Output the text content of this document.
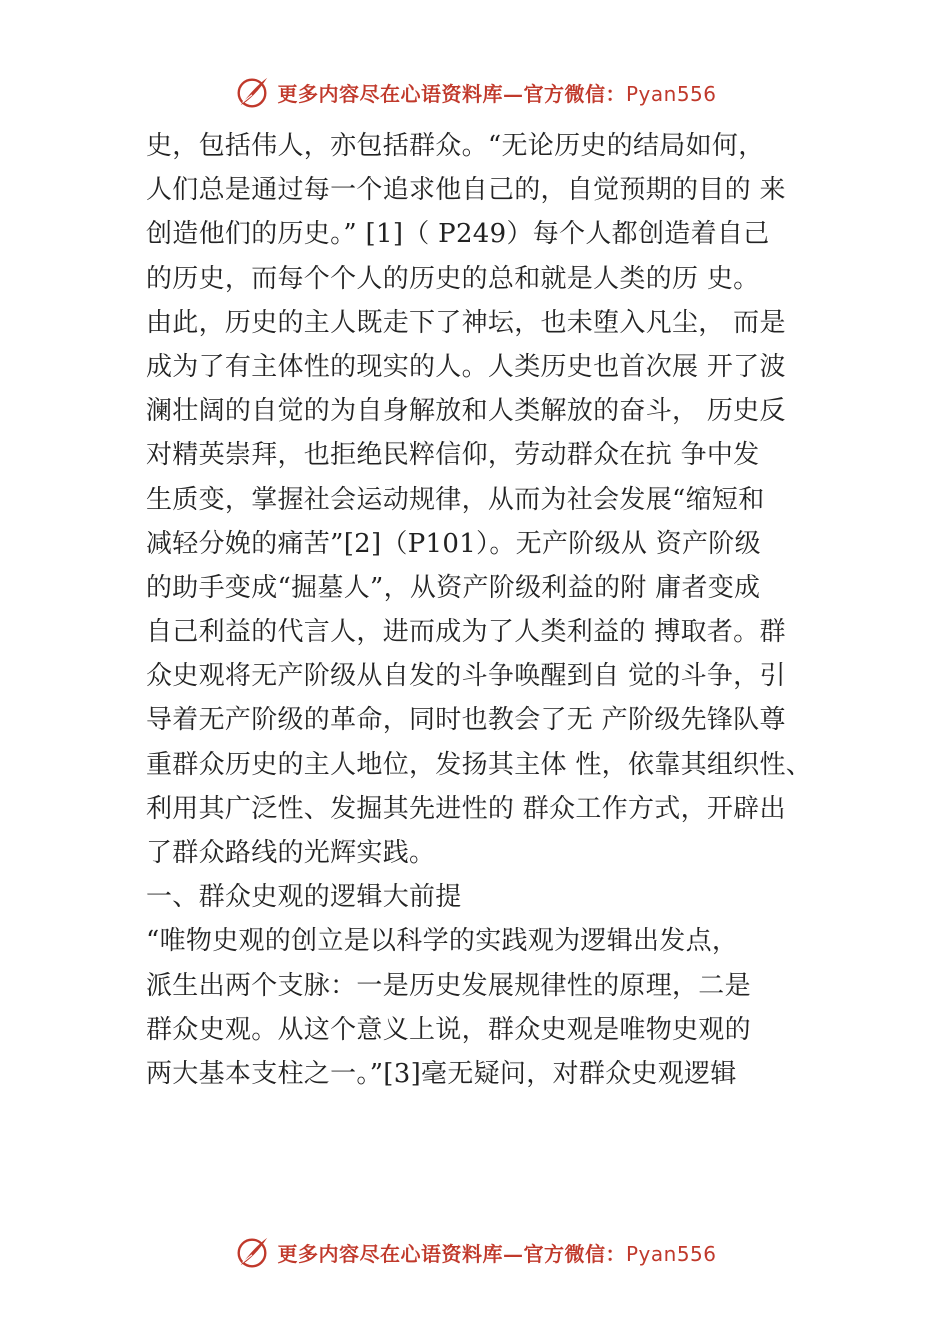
更多内容尽在心语资料库—官方微信：Pyan556
史，包括伟人，亦包括群众。“无论历史的结局如何，
人们总是通过每一个追求他自己的，自觉预期的目的 来
创造他们的历史。” [1]（ P249）每个人都创造着自己
的历史，而每个个人的历史的总和就是人类的历 史。
由此，历史的主人既走下了神坛，也未堕入凡尘， 而是
成为了有主体性的现实的人。人类历史也首次展 开了波
澜壮阔的自觉的为自身解放和人类解放的奋斗， 历史反
对精英崇拜，也拒绝民粹信仰，劳动群众在抗 争中发
生质变，掌握社会运动规律，从而为社会发展“缩短和
减轻分娩的痛苦”[2]（P101）。无产阶级从 资产阶级
的助手变成“掘墓人”，从资产阶级利益的附 庸者变成
自己利益的代言人，进而成为了人类利益的 搏取者。群
众史观将无产阶级从自发的斗争唤醒到自 觉的斗争，引
导着无产阶级的革命，同时也教会了无 产阶级先锋队尊
重群众历史的主人地位，发扬其主体 性，依靠其组织性、
利用其广泛性、发掘其先进性的 群众工作方式，开辟出
了群众路线的光辉实践。
一、群众史观的逻辑大前提
“唯物史观的创立是以科学的实践观为逻辑出发点，
派生出两个支脉：一是历史发展规律性的原理，二是
群众史观。从这个意义上说，群众史观是唯物史观的
两大基本支柱之一。”[3]毫无疑问，对群众史观逻辑
更多内容尽在心语资料库—官方微信：Pyan556
